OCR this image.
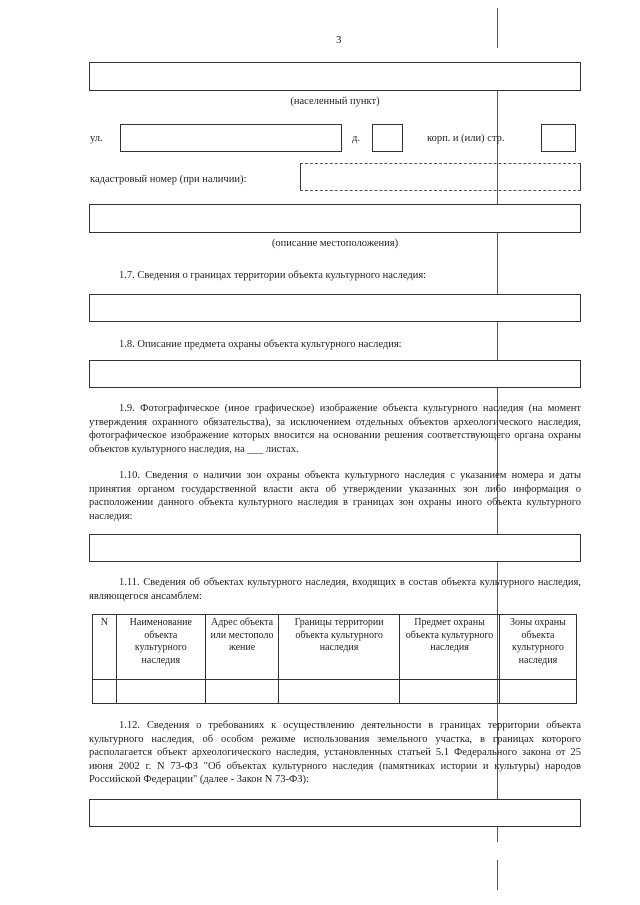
3
(населенный пункт)
ул.	д.	корп. и (или) стр.
кадастровый номер (при наличии):
(описание местоположения)
1.7. Сведения о границах территории объекта культурного наследия:
1.8. Описание предмета охраны объекта культурного наследия:
1.9. Фотографическое (иное графическое) изображение объекта культурного наследия (на момент утверждения охранного обязательства), за исключением отдельных объектов археологического наследия, фотографическое изображение которых вносится на основании решения соответствующего органа охраны объектов культурного наследия, на ___ листах.
1.10. Сведения о наличии зон охраны объекта культурного наследия с указанием номера и даты принятия органом государственной власти акта об утверждении указанных зон либо информация о расположении данного объекта культурного наследия в границах зон охраны иного объекта культурного наследия:
1.11. Сведения об объектах культурного наследия, входящих в состав объекта культурного наследия, являющегося ансамблем:
N	Наименование объекта культурного наследия	Адрес объекта или местоположение	Границы территории объекта культурного наследия	Предмет охраны объекта культурного наследия	Зоны охраны объекта культурного наследия

1.12. Сведения о требованиях к осуществлению деятельности в границах территории объекта культурного наследия, об особом режиме использования земельного участка, в границах которого располагается объект археологического наследия, установленных статьей 5.1 Федерального закона от 25 июня 2002 г. N 73-ФЗ "Об объектах культурного наследия (памятниках истории и культуры) народов Российской Федерации" (далее - Закон N 73-ФЗ):
